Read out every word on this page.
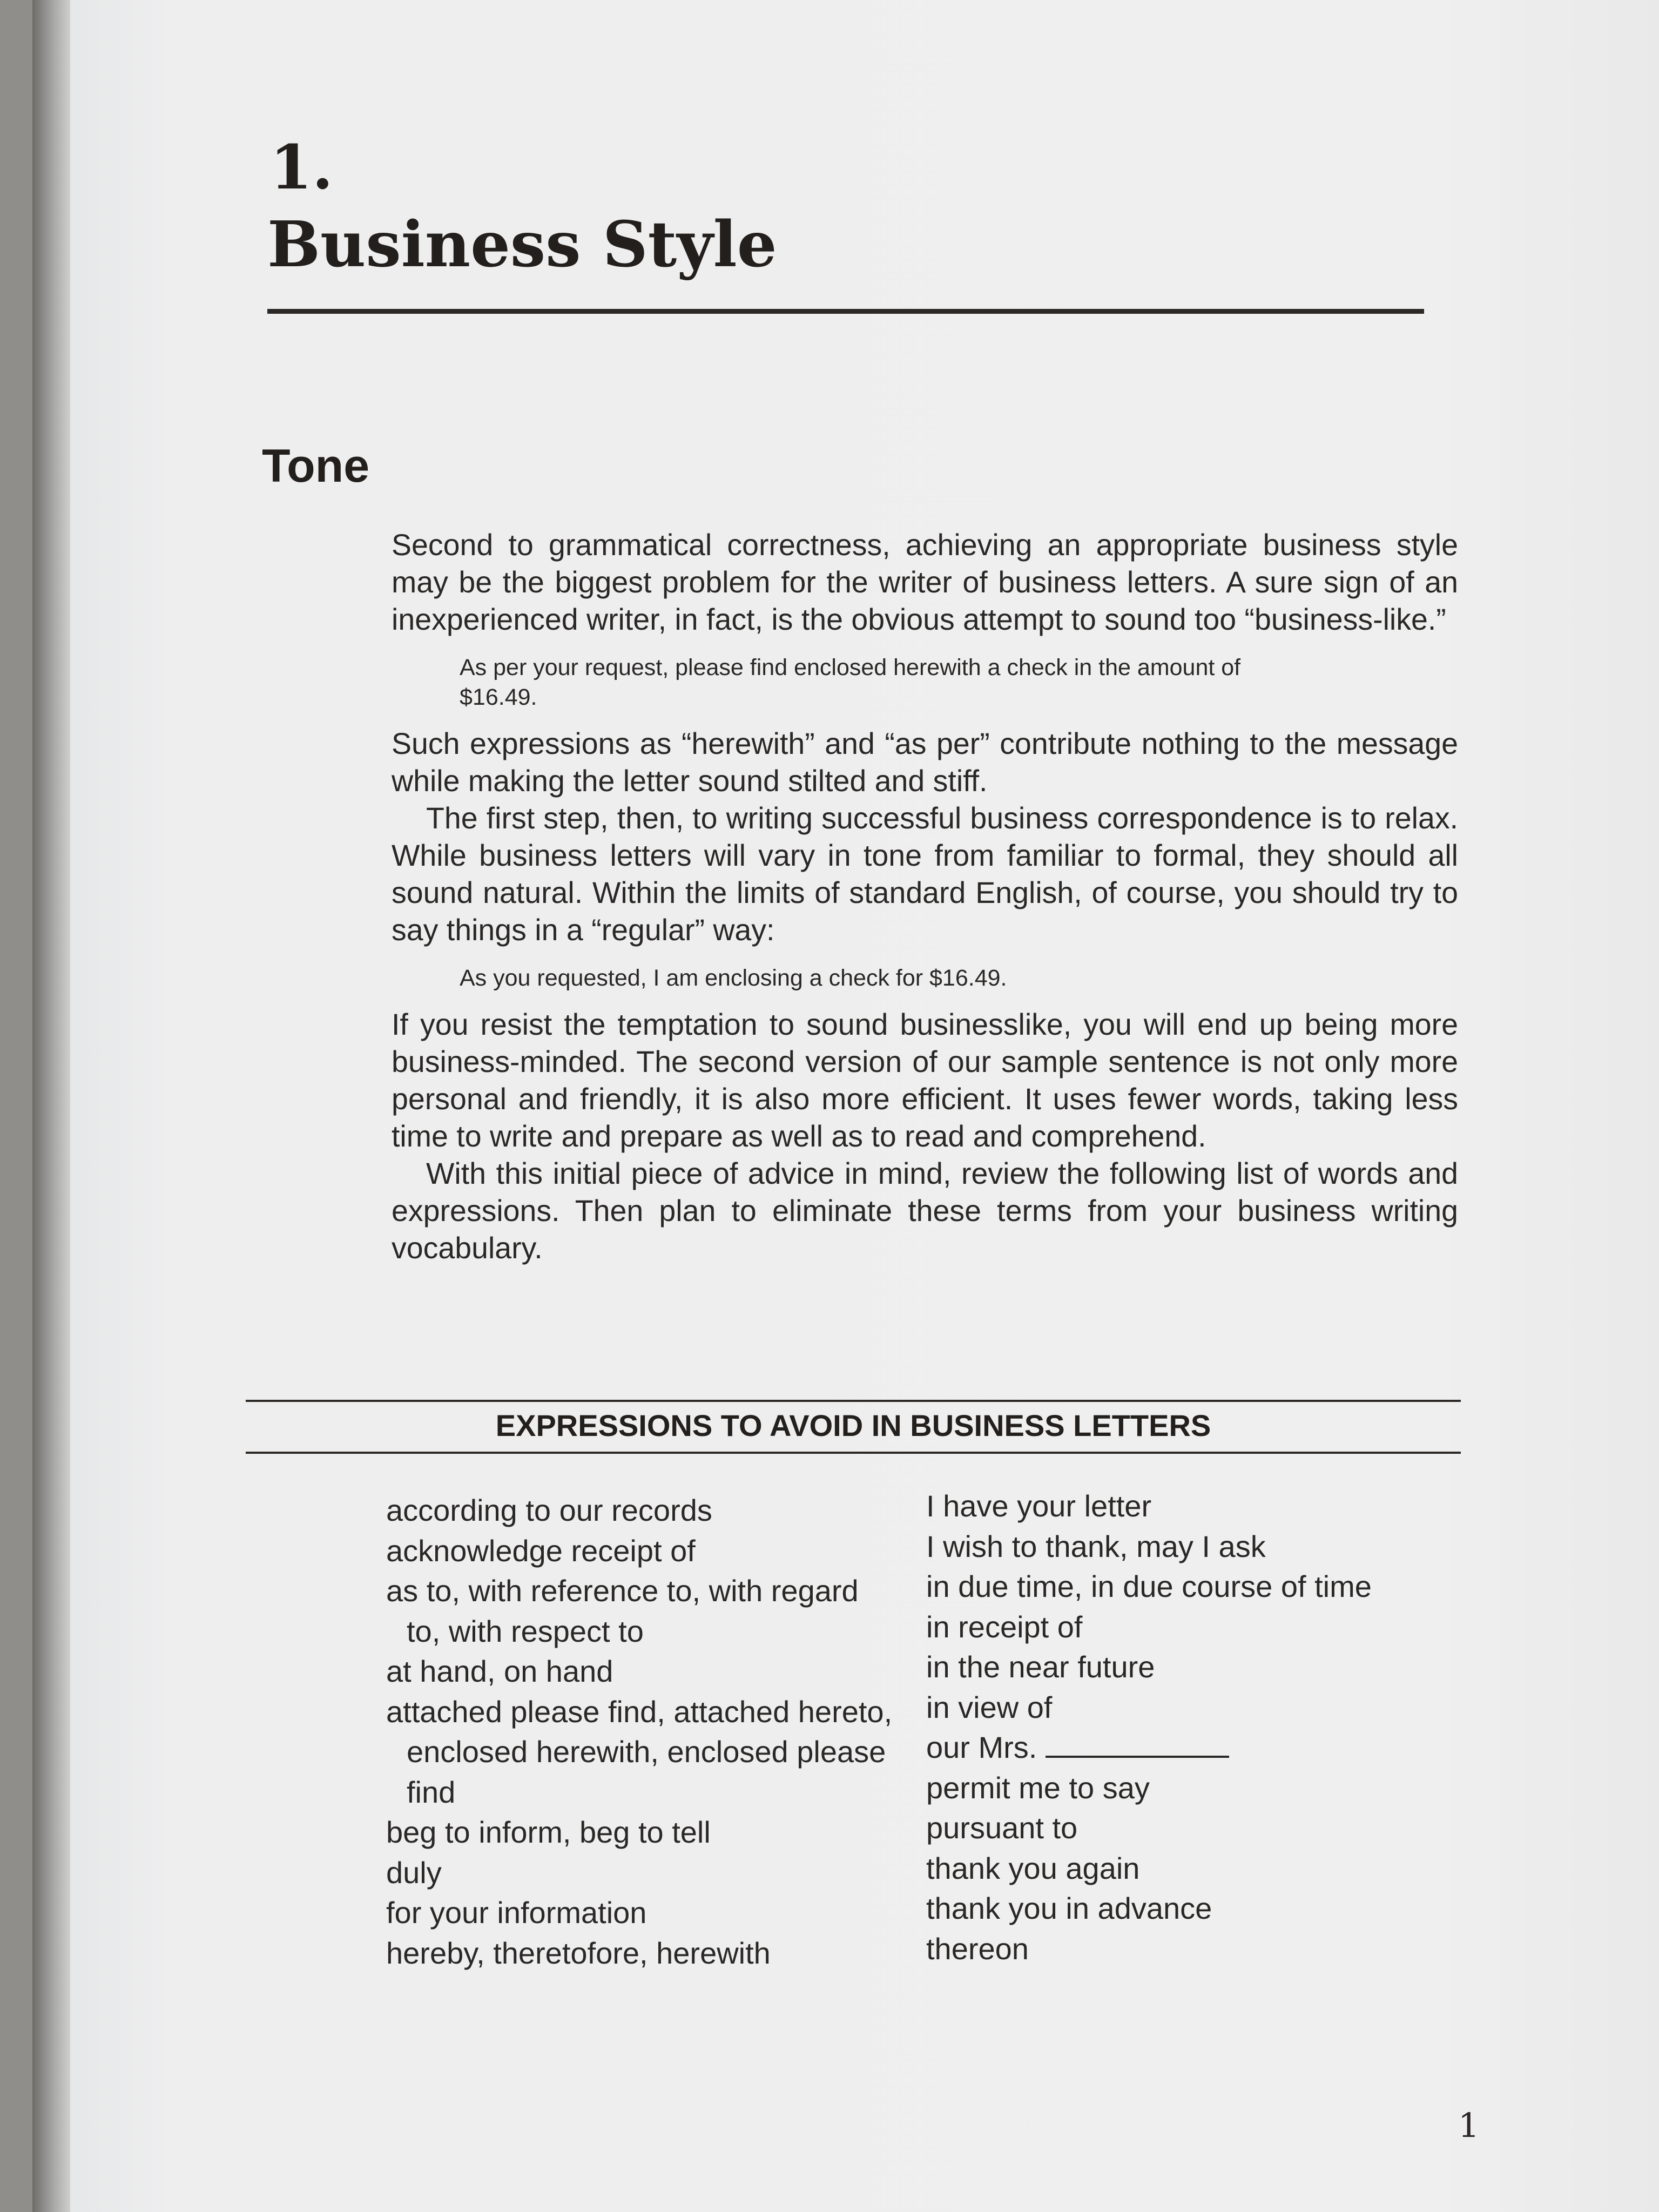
1.
Business Style
Tone

Second to grammatical correctness, achieving an appropriate business style may be the biggest problem for the writer of business letters. A sure sign of an inexperienced writer, in fact, is the obvious attempt to sound too “business-like.”

As per your request, please find enclosed herewith a check in the amount of $16.49.

Such expressions as “herewith” and “as per” contribute nothing to the message while making the letter sound stilted and stiff.

The first step, then, to writing successful business correspondence is to relax. While business letters will vary in tone from familiar to formal, they should all sound natural. Within the limits of standard English, of course, you should try to say things in a “regular” way:

As you requested, I am enclosing a check for $16.49.

If you resist the temptation to sound businesslike, you will end up being more business-minded. The second version of our sample sentence is not only more personal and friendly, it is also more efficient. It uses fewer words, taking less time to write and prepare as well as to read and comprehend.

With this initial piece of advice in mind, review the following list of words and expressions. Then plan to eliminate these terms from your business writing vocabulary.

EXPRESSIONS TO AVOID IN BUSINESS LETTERS
according to our records
acknowledge receipt of
as to, with reference to, with regard to, with respect to
at hand, on hand
attached please find, attached hereto, enclosed herewith, enclosed please find
beg to inform, beg to tell
duly
for your information
hereby, theretofore, herewith
I have your letter
I wish to thank, may I ask
in due time, in due course of time
in receipt of
in the near future
in view of
our Mrs.
permit me to say
pursuant to
thank you again
thank you in advance
thereon
1
